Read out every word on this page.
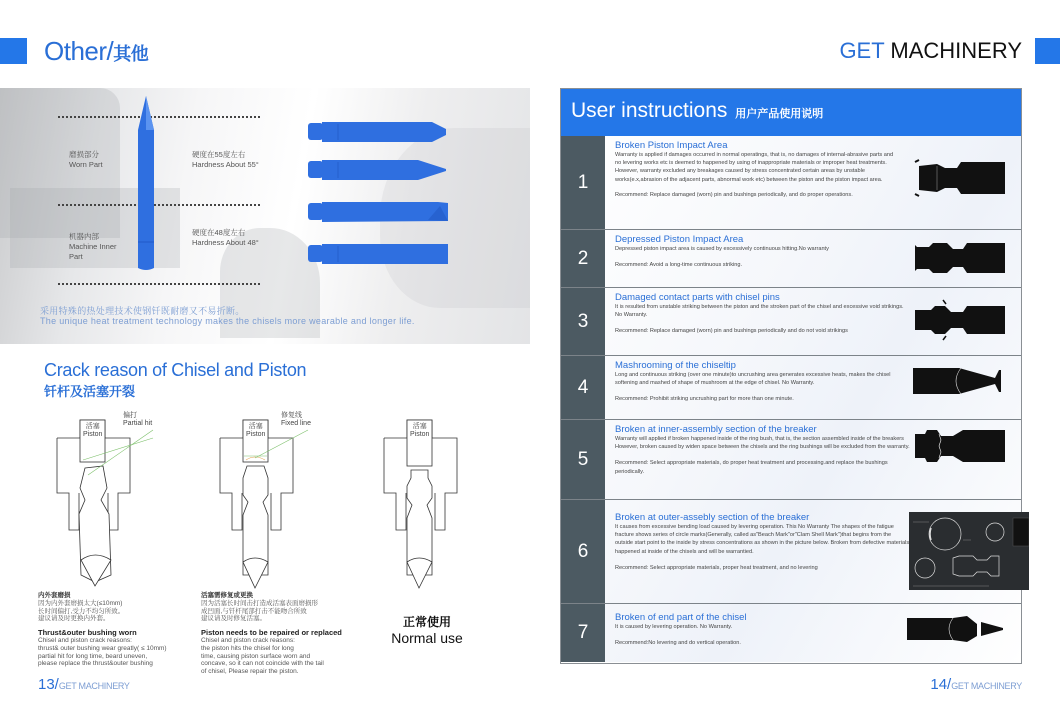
Other/其他
磨损部分
Worn Part
机器内部
Machine Inner
Part
硬度在55度左右
Hardness About 55°
硬度在48度左右
Hardness About 48°
采用特殊的热处理技术使钢钎既耐磨又不易折断。
The unique heat treatment technology makes the chisels more wearable and longer life.
Crack reason of Chisel and Piston
钎杆及活塞开裂
活塞
Piston
偏打
Partial hit	活塞
Piston
修复线
Fixed line	活塞
Piston
内外套磨损
因为内外套磨损太大(≤10mm)
长时间偏打,受力不均匀所致。
建议请及时更换内外套。
Thrust&outer bushing worn
Chisel and piston crack reasons:
thrust& outer bushing wear greatly( ≤ 10mm)
partial hit for long time, beard uneven,
please replace the thrust&outer bushing
活塞需修复或更换
因为活塞长时间击打造成活塞表面磨损形
成凹面,与钎杆尾部打击不能吻合所致
建议请及时修复活塞。
Piston needs to be repaired or replaced
Chisel and piston crack reasons:
the piston hits the chisel for long
time, causing piston surface worn and
concave, so it can not coincide with the tail
of chisel, Please repair the piston.
正常使用
Normal use
13/GET MACHINERY
GET MACHINERY
User instructions 用户产品使用说明
1
Broken Piston Impact Area
Warranty is applied if damages occurred in normal operatings, that is, no damages of internal-abrasive parts and no levering works etc is deemed to happened by using of inappropriate materials or improper heat treatments. However, warranty excluded any breakages caused by stress concentrated certain areas by unstable works(e.x,abrasion of the adjacent parts, abnormal work etc) between the piston and the piston impact area.
Recommend: Replace damaged (worn) pin and bushings periodically, and do proper operations.
2
Depressed Piston Impact Area
Depressed piston impact area is caused by excessively continuous hitting.No warranty
Recommend: Avoid a long-time continuous striking.
3
Damaged contact parts with chisel pins
It is resulted from unstable striking between the piston and the stroken part of the chisel and excessive void strikings. No Warranty.
Recommend: Replace damaged (worn) pin and bushings periodically and do not void strikings
4
Mashrooming of the chiseltip
Long and continuous striking (over one minute)to uncrushing area generates excessive heats, makes the chisel softening and mashed of shape of mushroom at the edge of chisel. No Warranty.
Recommend: Prohibit striking uncrushing part for more than one minute.
5
Broken at inner-assembly section of the breaker
Warranty will applied if broken happened inside of the ring bush, that is, the section assembled inside of the breakers However, broken caused by widen space between the chisels and the ring bushings will be excluded from the warranty.
Recommend: Select appropriate materials, do proper heat treatment and processing.and replace the bushings periodically.
6
Broken at outer-assebly section of the breaker
It causes from excessive bending load caused by levering operation. This No Warranty The shapes of the fatigue fracture shows series of circle marks(Generally, called as"Beach Mark"or"Clam Shell Mark")that begins from the outside start point to the inside by stress concentrations as shown in the picture below. Broken from defective materials happened at inside of the chisels and will be warrantied.
Recommend: Select appropriate materials, proper heat treatment, and no levering
7
Broken of end part of the chisel
It is caused by levering operation. No Warranty.
Recommend:No levering and do vertical operation.
14/GET MACHINERY
